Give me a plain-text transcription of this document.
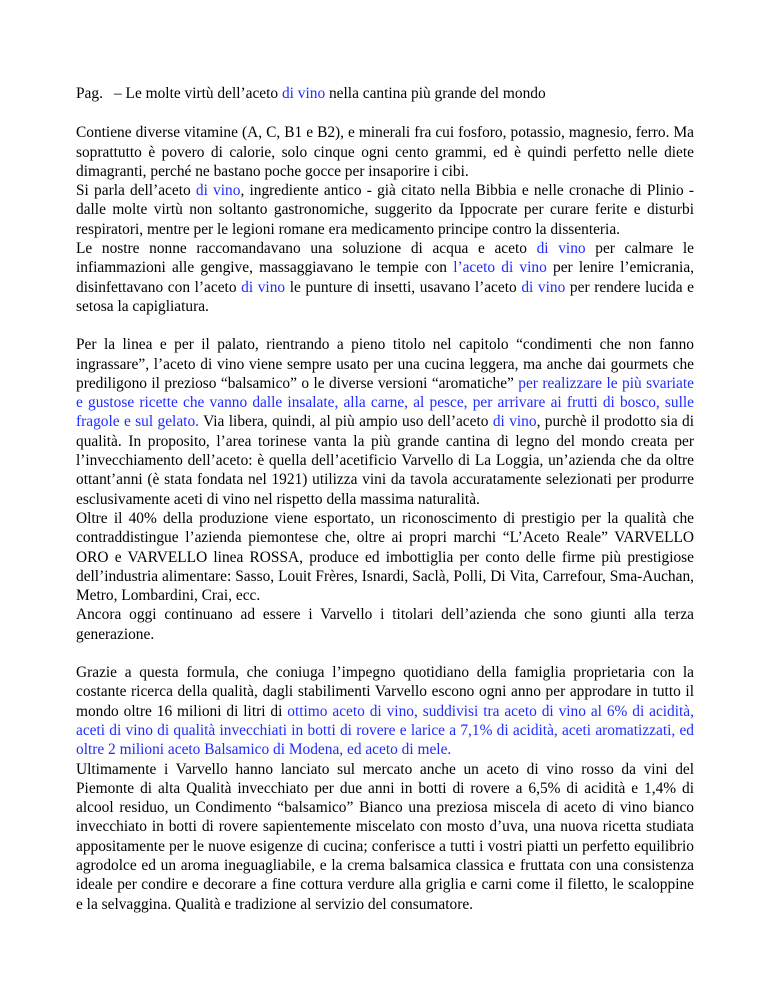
Pag. – Le molte virtù dell’aceto di vino nella cantina più grande del mondo

Contiene diverse vitamine (A, C, B1 e B2), e minerali fra cui fosforo, potassio, magnesio, ferro. Ma soprattutto è povero di calorie, solo cinque ogni cento grammi, ed è quindi perfetto nelle diete dimagranti, perché ne bastano poche gocce per insaporire i cibi.

Si parla dell’aceto di vino, ingrediente antico - già citato nella Bibbia e nelle cronache di Plinio - dalle molte virtù non soltanto gastronomiche, suggerito da Ippocrate per curare ferite e disturbi respiratori, mentre per le legioni romane era medicamento principe contro la dissenteria.

Le nostre nonne raccomandavano una soluzione di acqua e aceto di vino per calmare le infiammazioni alle gengive, massaggiavano le tempie con l’aceto di vino per lenire l’emicrania, disinfettavano con l’aceto di vino le punture di insetti, usavano l’aceto di vino per rendere lucida e setosa la capigliatura.

Per la linea e per il palato, rientrando a pieno titolo nel capitolo “condimenti che non fanno ingrassare”, l’aceto di vino viene sempre usato per una cucina leggera, ma anche dai gourmets che prediligono il prezioso “balsamico” o le diverse versioni “aromatiche” per realizzare le più svariate e gustose ricette che vanno dalle insalate, alla carne, al pesce, per arrivare ai frutti di bosco, sulle fragole e sul gelato. Via libera, quindi, al più ampio uso dell’aceto di vino, purchè il prodotto sia di qualità. In proposito, l’area torinese vanta la più grande cantina di legno del mondo creata per l’invecchiamento dell’aceto: è quella dell’acetificio Varvello di La Loggia, un’azienda che da oltre ottant’anni (è stata fondata nel 1921) utilizza vini da tavola accuratamente selezionati per produrre esclusivamente aceti di vino nel rispetto della massima naturalità.

Oltre il 40% della produzione viene esportato, un riconoscimento di prestigio per la qualità che contraddistingue l’azienda piemontese che, oltre ai propri marchi “L’Aceto Reale” VARVELLO ORO e VARVELLO linea ROSSA, produce ed imbottiglia per conto delle firme più prestigiose dell’industria alimentare: Sasso, Louit Frères, Isnardi, Saclà, Polli, Di Vita, Carrefour, Sma-Auchan, Metro, Lombardini, Crai, ecc.

Ancora oggi continuano ad essere i Varvello i titolari dell’azienda che sono giunti alla terza generazione.

Grazie a questa formula, che coniuga l’impegno quotidiano della famiglia proprietaria con la costante ricerca della qualità, dagli stabilimenti Varvello escono ogni anno per approdare in tutto il mondo oltre 16 milioni di litri di ottimo aceto di vino, suddivisi tra aceto di vino al 6% di acidità, aceti di vino di qualità invecchiati in botti di rovere e larice a 7,1% di acidità, aceti aromatizzati, ed oltre 2 milioni aceto Balsamico di Modena, ed aceto di mele.

Ultimamente i Varvello hanno lanciato sul mercato anche un aceto di vino rosso da vini del Piemonte di alta Qualità invecchiato per due anni in botti di rovere a 6,5% di acidità e 1,4% di alcool residuo, un Condimento “balsamico” Bianco una preziosa miscela di aceto di vino bianco invecchiato in botti di rovere sapientemente miscelato con mosto d’uva, una nuova ricetta studiata appositamente per le nuove esigenze di cucina; conferisce a tutti i vostri piatti un perfetto equilibrio agrodolce ed un aroma ineguagliabile, e la crema balsamica classica e fruttata con una consistenza ideale per condire e decorare a fine cottura verdure alla griglia e carni come il filetto, le scaloppine e la selvaggina. Qualità e tradizione al servizio del consumatore.
